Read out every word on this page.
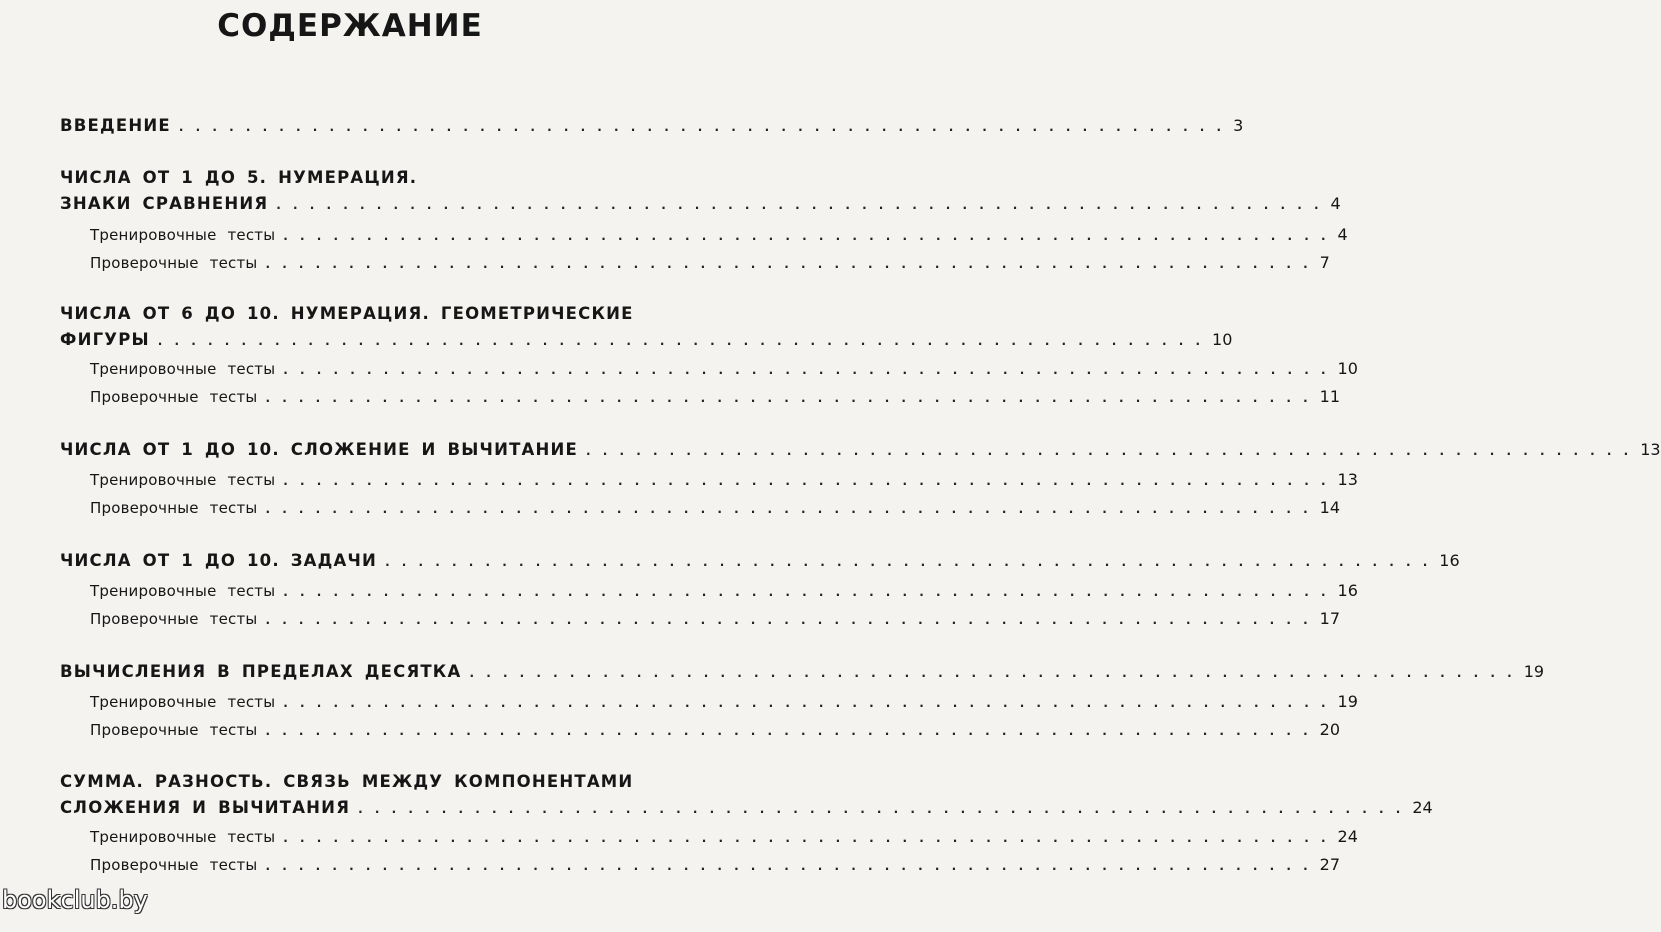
СОДЕРЖАНИЕ
ВВЕДЕНИЕ . . . . . . . . . . . . . . . . . . . . . . . . . . . . . . . . . . . . . . . . . . . . . . . . . . . . . . . . . . . . . . . 3
ЧИСЛА ОТ 1 ДО 5. НУМЕРАЦИЯ.
ЗНАКИ СРАВНЕНИЯ . . . . . . . . . . . . . . . . . . . . . . . . . . . . . . . . . . . . . . . . . . . . . . . . . . . . . . . . . . . . . . . 4
Тренировочные тесты . . . . . . . . . . . . . . . . . . . . . . . . . . . . . . . . . . . . . . . . . . . . . . . . . . . . . . . . . . . . . . . 4
Проверочные тесты . . . . . . . . . . . . . . . . . . . . . . . . . . . . . . . . . . . . . . . . . . . . . . . . . . . . . . . . . . . . . . . 7
ЧИСЛА ОТ 6 ДО 10. НУМЕРАЦИЯ. ГЕОМЕТРИЧЕСКИЕ
ФИГУРЫ . . . . . . . . . . . . . . . . . . . . . . . . . . . . . . . . . . . . . . . . . . . . . . . . . . . . . . . . . . . . . . . 10
Тренировочные тесты . . . . . . . . . . . . . . . . . . . . . . . . . . . . . . . . . . . . . . . . . . . . . . . . . . . . . . . . . . . . . . . 10
Проверочные тесты . . . . . . . . . . . . . . . . . . . . . . . . . . . . . . . . . . . . . . . . . . . . . . . . . . . . . . . . . . . . . . . 11
ЧИСЛА ОТ 1 ДО 10. СЛОЖЕНИЕ И ВЫЧИТАНИЕ . . . . . . . . . . . . . . . . . . . . . . . . . . . . . . . . . . . . . . . . . . . . . . . . . . . . . . . . . . . . . . . 13
Тренировочные тесты . . . . . . . . . . . . . . . . . . . . . . . . . . . . . . . . . . . . . . . . . . . . . . . . . . . . . . . . . . . . . . . 13
Проверочные тесты . . . . . . . . . . . . . . . . . . . . . . . . . . . . . . . . . . . . . . . . . . . . . . . . . . . . . . . . . . . . . . . 14
ЧИСЛА ОТ 1 ДО 10. ЗАДАЧИ . . . . . . . . . . . . . . . . . . . . . . . . . . . . . . . . . . . . . . . . . . . . . . . . . . . . . . . . . . . . . . . 16
Тренировочные тесты . . . . . . . . . . . . . . . . . . . . . . . . . . . . . . . . . . . . . . . . . . . . . . . . . . . . . . . . . . . . . . . 16
Проверочные тесты . . . . . . . . . . . . . . . . . . . . . . . . . . . . . . . . . . . . . . . . . . . . . . . . . . . . . . . . . . . . . . . 17
ВЫЧИСЛЕНИЯ В ПРЕДЕЛАХ ДЕСЯТКА . . . . . . . . . . . . . . . . . . . . . . . . . . . . . . . . . . . . . . . . . . . . . . . . . . . . . . . . . . . . . . . 19
Тренировочные тесты . . . . . . . . . . . . . . . . . . . . . . . . . . . . . . . . . . . . . . . . . . . . . . . . . . . . . . . . . . . . . . . 19
Проверочные тесты . . . . . . . . . . . . . . . . . . . . . . . . . . . . . . . . . . . . . . . . . . . . . . . . . . . . . . . . . . . . . . . 20
СУММА. РАЗНОСТЬ. СВЯЗЬ МЕЖДУ КОМПОНЕНТАМИ
СЛОЖЕНИЯ И ВЫЧИТАНИЯ . . . . . . . . . . . . . . . . . . . . . . . . . . . . . . . . . . . . . . . . . . . . . . . . . . . . . . . . . . . . . . . 24
Тренировочные тесты . . . . . . . . . . . . . . . . . . . . . . . . . . . . . . . . . . . . . . . . . . . . . . . . . . . . . . . . . . . . . . . 24
Проверочные тесты . . . . . . . . . . . . . . . . . . . . . . . . . . . . . . . . . . . . . . . . . . . . . . . . . . . . . . . . . . . . . . . 27
bookclub.by
